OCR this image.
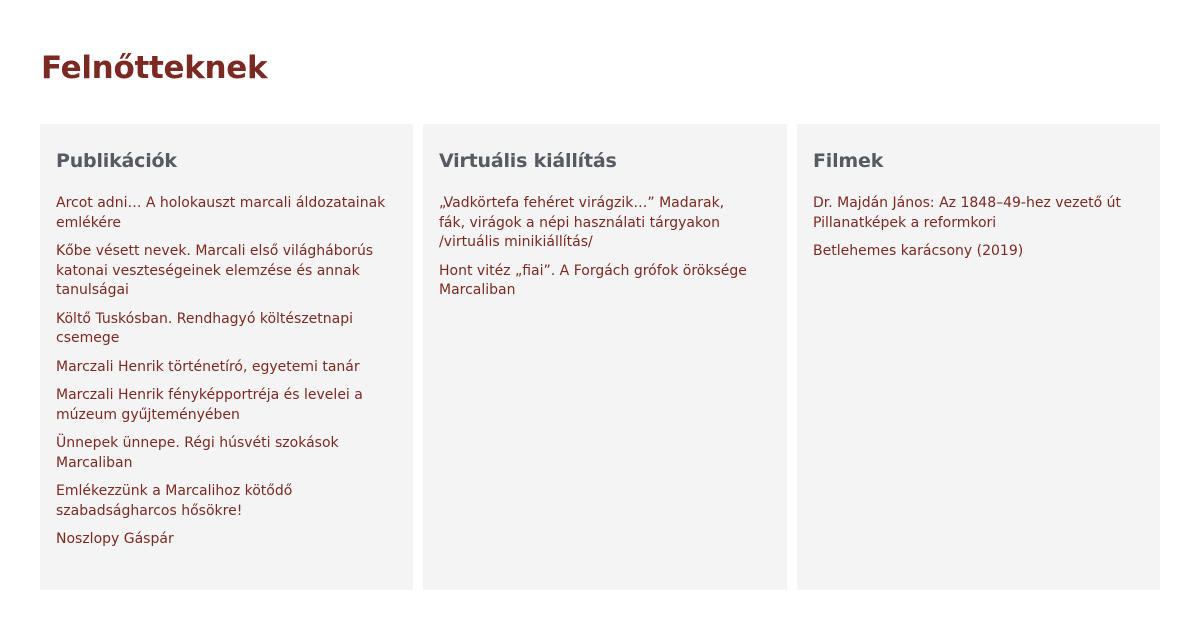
Felnőtteknek
Publikációk
Arcot adni… A holokauszt marcali áldozatainak emlékére
Kőbe vésett nevek. Marcali első világháborús katonai veszteségeinek elemzése és annak tanulságai
Költő Tuskósban. Rendhagyó költészetnapi csemege
Marczali Henrik történetíró, egyetemi tanár
Marczali Henrik fényképportréja és levelei a múzeum gyűjteményében
Ünnepek ünnepe. Régi húsvéti szokások Marcaliban
Emlékezzünk a Marcalihoz kötődő szabadságharcos hősökre!
Noszlopy Gáspár
Virtuális kiállítás
„Vadkörtefa fehéret virágzik…” Madarak, fák, virágok a népi használati tárgyakon /virtuális minikiállítás/
Hont vitéz „fiai”. A Forgách grófok öröksége Marcaliban
Filmek
Dr. Majdán János: Az 1848–49-hez vezető út Pillanatképek a reformkori
Betlehemes karácsony (2019)
